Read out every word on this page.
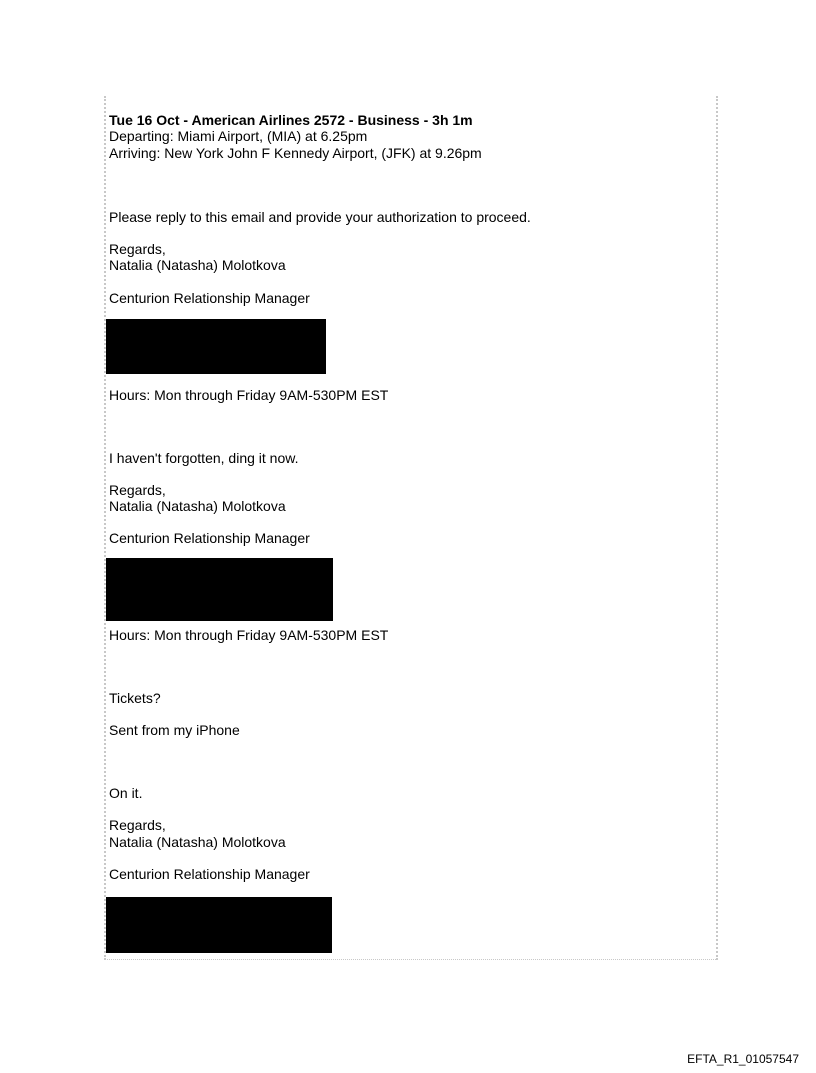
Tue 16 Oct - American Airlines 2572 - Business - 3h 1m
Departing: Miami Airport, (MIA) at 6.25pm
Arriving: New York John F Kennedy Airport, (JFK) at 9.26pm
Please reply to this email and provide your authorization to proceed.
Regards,
Natalia (Natasha) Molotkova
Centurion Relationship Manager
Hours: Mon through Friday 9AM-530PM EST
I haven't forgotten, ding it now.
Regards,
Natalia (Natasha) Molotkova
Centurion Relationship Manager
Hours: Mon through Friday 9AM-530PM EST
Tickets?
Sent from my iPhone
On it.
Regards,
Natalia (Natasha) Molotkova
Centurion Relationship Manager
EFTA_R1_01057547
